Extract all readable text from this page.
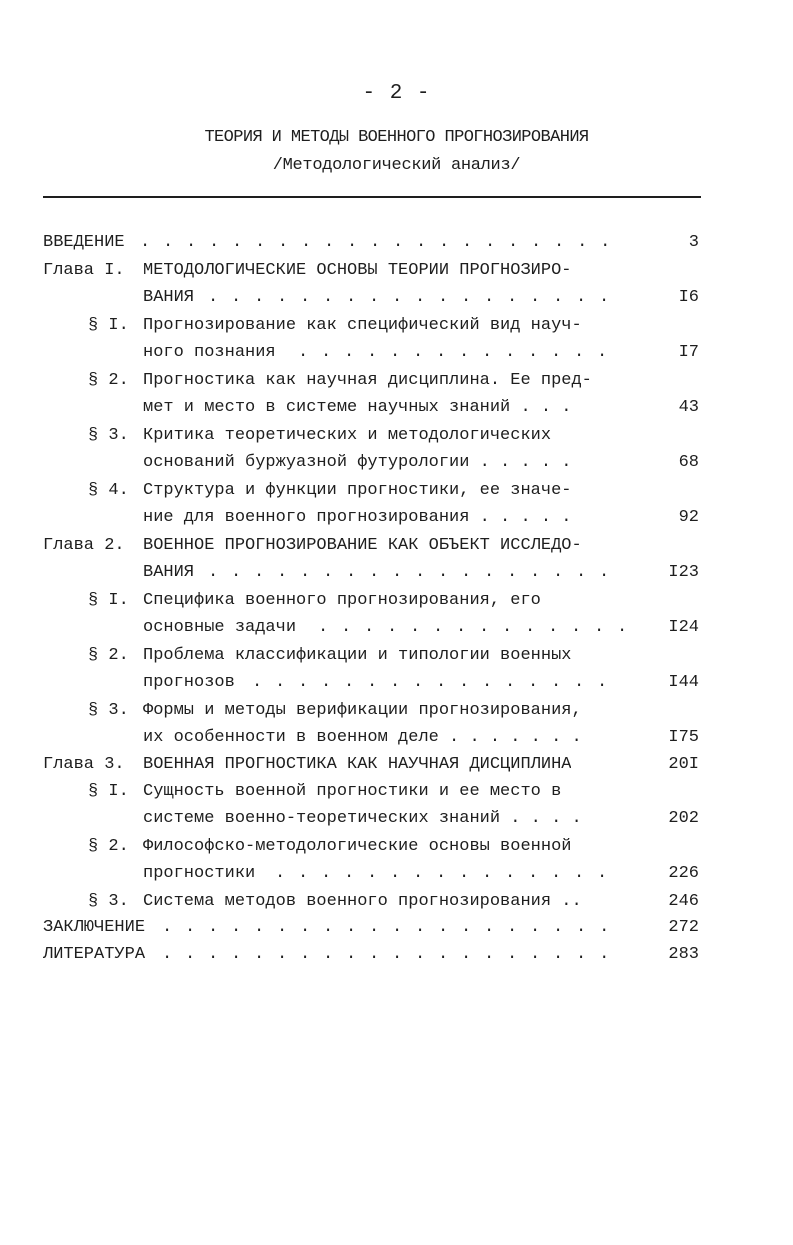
- 2 -
ТЕОРИЯ И МЕТОДЫ ВОЕННОГО ПРОГНОЗИРОВАНИЯ
/Методологический анализ/
ВВЕДЕНИЕ . . . . . . . . . . . . . . . . . . . . .	3
Глава I. МЕТОДОЛОГИЧЕСКИЕ ОСНОВЫ ТЕОРИИ ПРОГНОЗИРО-
ВАНИЯ . . . . . . . . . . . . . . . . . .	I6
§ I. Прогнозирование как специфический вид науч-
ного познания . . . . . . . . . . . . . .	I7
§ 2. Прогностика как научная дисциплина. Ее пред-
мет и место в системе научных знаний . . .	43
§ 3. Критика теоретических и методологических
оснований буржуазной футурологии . . . . .	68
§ 4. Структура и функции прогностики, ее значе-
ние для военного прогнозирования . . . . .	92
Глава 2. ВОЕННОЕ ПРОГНОЗИРОВАНИЕ КАК ОБЪЕКТ ИССЛЕДО-
ВАНИЯ . . . . . . . . . . . . . . . . . .	I23
§ I. Специфика военного прогнозирования, его
основные задачи . . . . . . . . . . . . . . I24
§ 2. Проблема классификации и типологии военных
прогнозов . . . . . . . . . . . . . . . .	I44
§ 3. Формы и методы верификации прогнозирования,
их особенности в военном деле . . . . . . .	I75
Глава 3. ВОЕННАЯ ПРОГНОСТИКА КАК НАУЧНАЯ ДИСЦИПЛИНА	20I
§ I. Сущность военной прогностики и ее место в
системе военно-теоретических знаний . . . .	202
§ 2. Философско-методологические основы военной
прогностики . . . . . . . . . . . . . . .	226
§ 3. Система методов военного прогнозирования ..	246
ЗАКЛЮЧЕНИЕ . . . . . . . . . . . . . . . . . . . .	272
ЛИТЕРАТУРА . . . . . . . . . . . . . . . . . . . .	283
